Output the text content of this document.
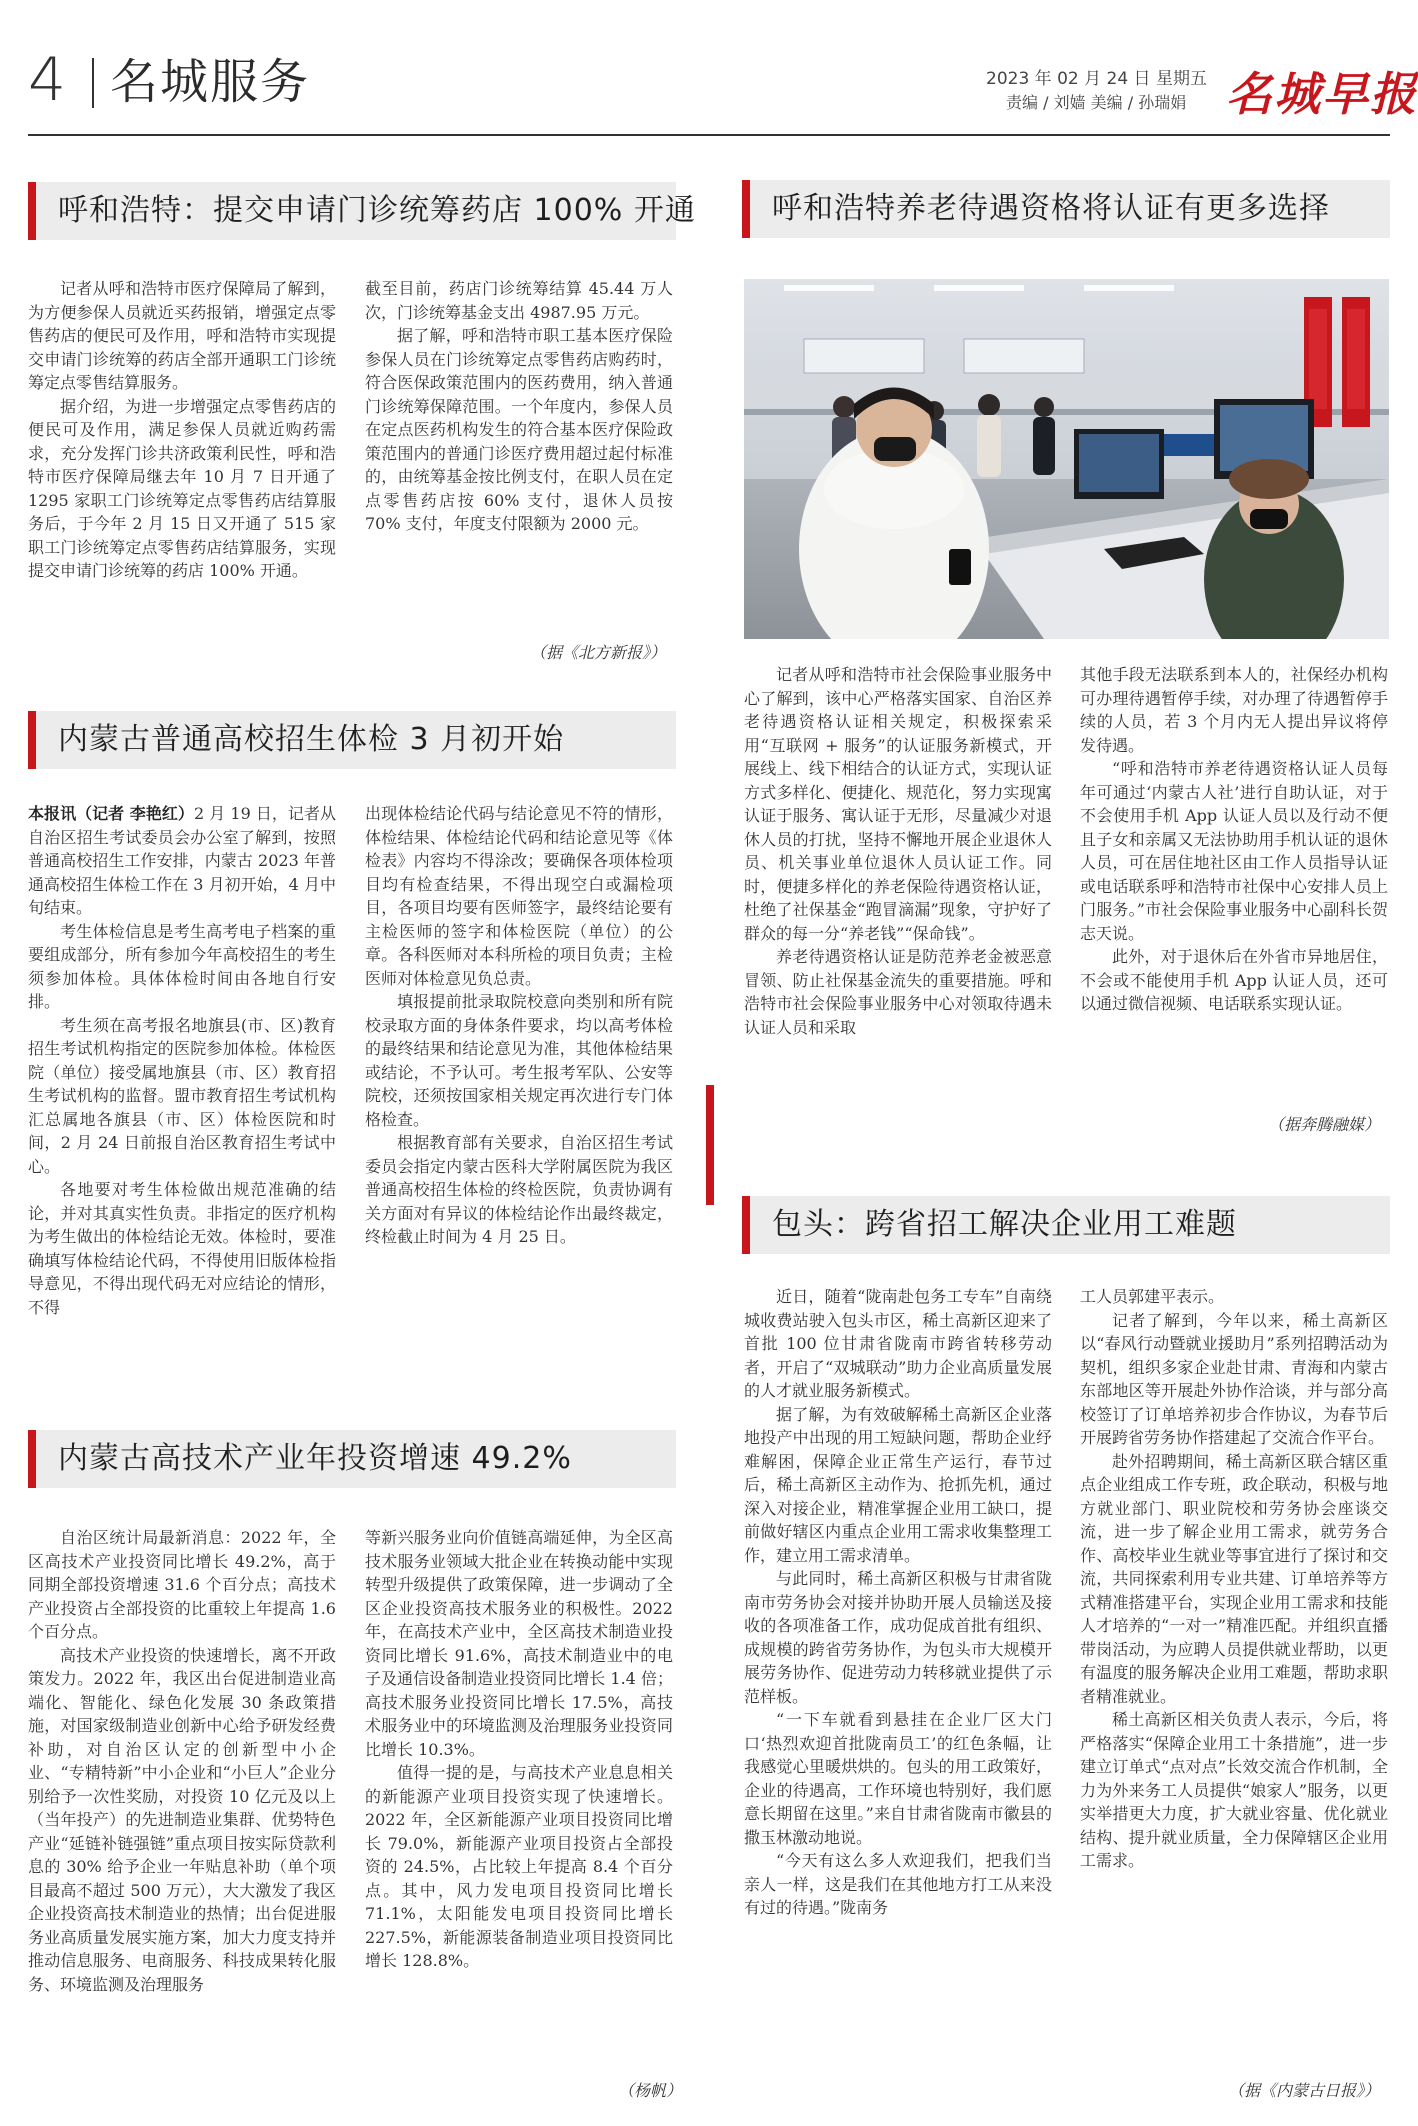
4 名城服务	2023 年 02 月 24 日 星期五
责编 / 刘嫱 美编 / 孙瑞娟 名城早报
呼和浩特：提交申请门诊统筹药店 100% 开通

记者从呼和浩特市医疗保障局了解到，为方便参保人员就近买药报销，增强定点零售药店的便民可及作用，呼和浩特市实现提交申请门诊统筹的药店全部开通职工门诊统筹定点零售结算服务。

据介绍，为进一步增强定点零售药店的便民可及作用，满足参保人员就近购药需求，充分发挥门诊共济政策利民性，呼和浩特市医疗保障局继去年 10 月 7 日开通了 1295 家职工门诊统筹定点零售药店结算服务后，于今年 2 月 15 日又开通了 515 家职工门诊统筹定点零售药店结算服务，实现提交申请门诊统筹的药店 100% 开通。

截至目前，药店门诊统筹结算 45.44 万人次，门诊统筹基金支出 4987.95 万元。

据了解，呼和浩特市职工基本医疗保险参保人员在门诊统筹定点零售药店购药时，符合医保政策范围内的医药费用，纳入普通门诊统筹保障范围。一个年度内，参保人员在定点医药机构发生的符合基本医疗保险政策范围内的普通门诊医疗费用超过起付标准的，由统筹基金按比例支付，在职人员在定点零售药店按 60% 支付，退休人员按 70% 支付，年度支付限额为 2000 元。

（据《北方新报》）
内蒙古普通高校招生体检 3 月初开始

本报讯（记者 李艳红）2 月 19 日，记者从自治区招生考试委员会办公室了解到，按照普通高校招生工作安排，内蒙古 2023 年普通高校招生体检工作在 3 月初开始，4 月中旬结束。

考生体检信息是考生高考电子档案的重要组成部分，所有参加今年高校招生的考生须参加体检。具体体检时间由各地自行安排。

考生须在高考报名地旗县(市、区)教育招生考试机构指定的医院参加体检。体检医院（单位）接受属地旗县（市、区）教育招生考试机构的监督。盟市教育招生考试机构汇总属地各旗县（市、区）体检医院和时间，2 月 24 日前报自治区教育招生考试中心。

各地要对考生体检做出规范准确的结论，并对其真实性负责。非指定的医疗机构为考生做出的体检结论无效。体检时，要准确填写体检结论代码，不得使用旧版体检指导意见，不得出现代码无对应结论的情形，不得

出现体检结论代码与结论意见不符的情形，体检结果、体检结论代码和结论意见等《体检表》内容均不得涂改；要确保各项体检项目均有检查结果，不得出现空白或漏检项目，各项目均要有医师签字，最终结论要有主检医师的签字和体检医院（单位）的公章。各科医师对本科所检的项目负责；主检医师对体检意见负总责。

填报提前批录取院校意向类别和所有院校录取方面的身体条件要求，均以高考体检的最终结果和结论意见为准，其他体检结果或结论，不予认可。考生报考军队、公安等院校，还须按国家相关规定再次进行专门体格检查。

根据教育部有关要求，自治区招生考试委员会指定内蒙古医科大学附属医院为我区普通高校招生体检的终检医院，负责协调有关方面对有异议的体检结论作出最终裁定，终检截止时间为 4 月 25 日。

内蒙古高技术产业年投资增速 49.2%

自治区统计局最新消息：2022 年，全区高技术产业投资同比增长 49.2%，高于同期全部投资增速 31.6 个百分点；高技术产业投资占全部投资的比重较上年提高 1.6 个百分点。

高技术产业投资的快速增长，离不开政策发力。2022 年，我区出台促进制造业高端化、智能化、绿色化发展 30 条政策措施，对国家级制造业创新中心给予研发经费补助，对自治区认定的创新型中小企业、“专精特新”中小企业和“小巨人”企业分别给予一次性奖励，对投资 10 亿元及以上（当年投产）的先进制造业集群、优势特色产业“延链补链强链”重点项目按实际贷款利息的 30% 给予企业一年贴息补助（单个项目最高不超过 500 万元），大大激发了我区企业投资高技术制造业的热情；出台促进服务业高质量发展实施方案，加大力度支持并推动信息服务、电商服务、科技成果转化服务、环境监测及治理服务

等新兴服务业向价值链高端延伸，为全区高技术服务业领域大批企业在转换动能中实现转型升级提供了政策保障，进一步调动了全区企业投资高技术服务业的积极性。2022 年，在高技术产业中，全区高技术制造业投资同比增长 91.6%，高技术制造业中的电子及通信设备制造业投资同比增长 1.4 倍；高技术服务业投资同比增长 17.5%，高技术服务业中的环境监测及治理服务业投资同比增长 10.3%。

值得一提的是，与高技术产业息息相关的新能源产业项目投资实现了快速增长。2022 年，全区新能源产业项目投资同比增长 79.0%，新能源产业项目投资占全部投资的 24.5%，占比较上年提高 8.4 个百分点。其中，风力发电项目投资同比增长 71.1%，太阳能发电项目投资同比增长 227.5%，新能源装备制造业项目投资同比增长 128.8%。

（杨帆）
呼和浩特养老待遇资格将认证有更多选择

记者从呼和浩特市社会保险事业服务中心了解到，该中心严格落实国家、自治区养老待遇资格认证相关规定，积极探索采用“互联网 + 服务”的认证服务新模式，开展线上、线下相结合的认证方式，实现认证方式多样化、便捷化、规范化，努力实现寓认证于服务、寓认证于无形，尽量减少对退休人员的打扰，坚持不懈地开展企业退休人员、机关事业单位退休人员认证工作。同时，便捷多样化的养老保险待遇资格认证，杜绝了社保基金“跑冒滴漏”现象，守护好了群众的每一分“养老钱”“保命钱”。

养老待遇资格认证是防范养老金被恶意冒领、防止社保基金流失的重要措施。呼和浩特市社会保险事业服务中心对领取待遇未认证人员和采取

其他手段无法联系到本人的，社保经办机构可办理待遇暂停手续，对办理了待遇暂停手续的人员，若 3 个月内无人提出异议将停发待遇。

“呼和浩特市养老待遇资格认证人员每年可通过‘内蒙古人社’进行自助认证，对于不会使用手机 App 认证人员以及行动不便且子女和亲属又无法协助用手机认证的退休人员，可在居住地社区由工作人员指导认证或电话联系呼和浩特市社保中心安排人员上门服务。”市社会保险事业服务中心副科长贺志天说。

此外，对于退休后在外省市异地居住，不会或不能使用手机 App 认证人员，还可以通过微信视频、电话联系实现认证。

（据奔腾融媒）
包头：跨省招工解决企业用工难题

近日，随着“陇南赴包务工专车”自南绕城收费站驶入包头市区，稀土高新区迎来了首批 100 位甘肃省陇南市跨省转移劳动者，开启了“双城联动”助力企业高质量发展的人才就业服务新模式。

据了解，为有效破解稀土高新区企业落地投产中出现的用工短缺问题，帮助企业纾难解困，保障企业正常生产运行，春节过后，稀土高新区主动作为、抢抓先机，通过深入对接企业，精准掌握企业用工缺口，提前做好辖区内重点企业用工需求收集整理工作，建立用工需求清单。

与此同时，稀土高新区积极与甘肃省陇南市劳务协会对接并协助开展人员输送及接收的各项准备工作，成功促成首批有组织、成规模的跨省劳务协作，为包头市大规模开展劳务协作、促进劳动力转移就业提供了示范样板。

“一下车就看到悬挂在企业厂区大门口‘热烈欢迎首批陇南员工’的红色条幅，让我感觉心里暖烘烘的。包头的用工政策好，企业的待遇高，工作环境也特别好，我们愿意长期留在这里。”来自甘肃省陇南市徽县的撒玉林激动地说。

“今天有这么多人欢迎我们，把我们当亲人一样，这是我们在其他地方打工从来没有过的待遇。”陇南务

工人员郭建平表示。

记者了解到，今年以来，稀土高新区以“春风行动暨就业援助月”系列招聘活动为契机，组织多家企业赴甘肃、青海和内蒙古东部地区等开展赴外协作洽谈，并与部分高校签订了订单培养初步合作协议，为春节后开展跨省劳务协作搭建起了交流合作平台。

赴外招聘期间，稀土高新区联合辖区重点企业组成工作专班，政企联动，积极与地方就业部门、职业院校和劳务协会座谈交流，进一步了解企业用工需求，就劳务合作、高校毕业生就业等事宜进行了探讨和交流，共同探索利用专业共建、订单培养等方式精准搭建平台，实现企业用工需求和技能人才培养的“一对一”精准匹配。并组织直播带岗活动，为应聘人员提供就业帮助，以更有温度的服务解决企业用工难题，帮助求职者精准就业。

稀土高新区相关负责人表示，今后，将严格落实“保障企业用工十条措施”，进一步建立订单式“点对点”长效交流合作机制，全力为外来务工人员提供“娘家人”服务，以更实举措更大力度，扩大就业容量、优化就业结构、提升就业质量，全力保障辖区企业用工需求。

（据《内蒙古日报》）
